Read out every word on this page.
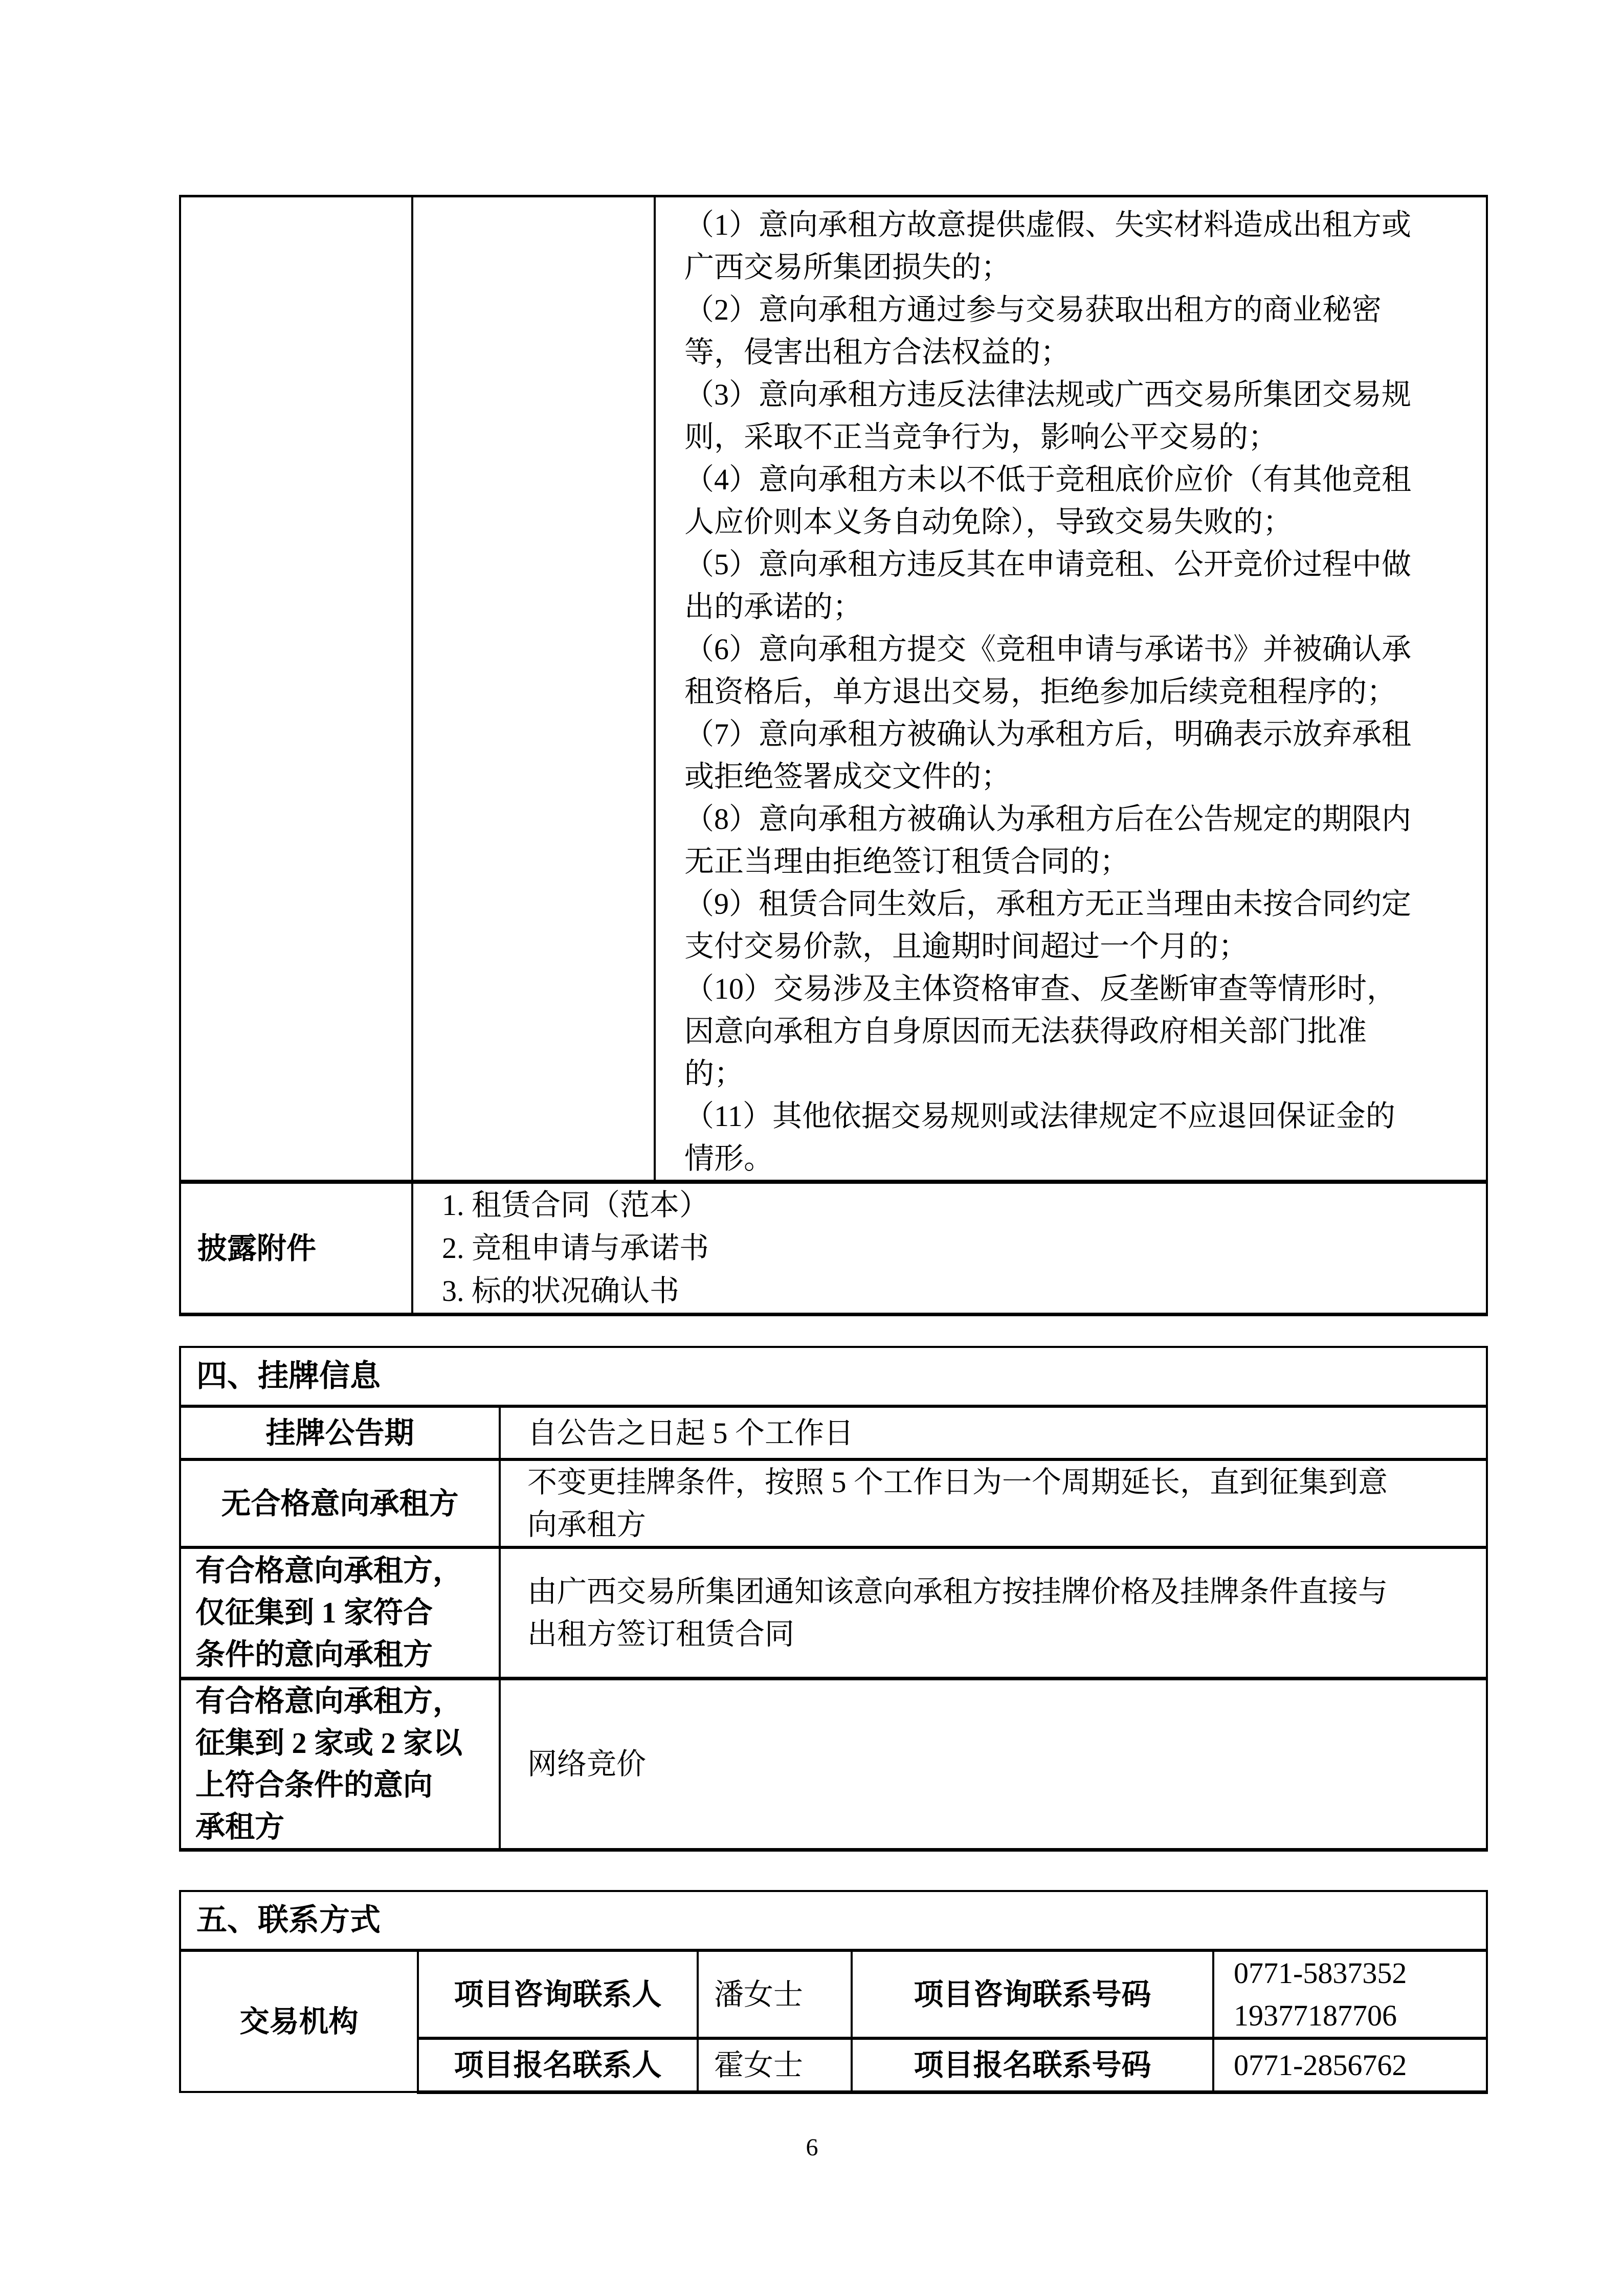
（1）意向承租方故意提供虚假、失实材料造成出租方或
广西交易所集团损失的；
（2）意向承租方通过参与交易获取出租方的商业秘密
等，侵害出租方合法权益的；
（3）意向承租方违反法律法规或广西交易所集团交易规
则，采取不正当竞争行为，影响公平交易的；
（4）意向承租方未以不低于竞租底价应价（有其他竞租
人应价则本义务自动免除），导致交易失败的；
（5）意向承租方违反其在申请竞租、公开竞价过程中做
出的承诺的；
（6）意向承租方提交《竞租申请与承诺书》并被确认承
租资格后，单方退出交易，拒绝参加后续竞租程序的；
（7）意向承租方被确认为承租方后，明确表示放弃承租
或拒绝签署成交文件的；
（8）意向承租方被确认为承租方后在公告规定的期限内
无正当理由拒绝签订租赁合同的；
（9）租赁合同生效后，承租方无正当理由未按合同约定
支付交易价款，且逾期时间超过一个月的；
（10）交易涉及主体资格审查、反垄断审查等情形时，
因意向承租方自身原因而无法获得政府相关部门批准
的；
（11）其他依据交易规则或法律规定不应退回保证金的
情形。

披露附件	1. 租赁合同（范本）
2. 竞租申请与承诺书
3. 标的状况确认书	
四、挂牌信息	
挂牌公告期	自公告之日起 5 个工作日
无合格意向承租方	不变更挂牌条件，按照 5 个工作日为一个周期延长，直到征集到意
向承租方

有合格意向承租方，
仅征集到 1 家符合
条件的意向承租方

由广西交易所集团通知该意向承租方按挂牌价格及挂牌条件直接与
出租方签订租赁合同

有合格意向承租方，
征集到 2 家或 2 家以
上符合条件的意向
承租方	网络竞价
五、联系方式				
交易机构	项目咨询联系人	潘女士	项目咨询联系号码	0771-5837352
19377187706

	项目报名联系人	霍女士	项目报名联系号码	0771-2856762
6
